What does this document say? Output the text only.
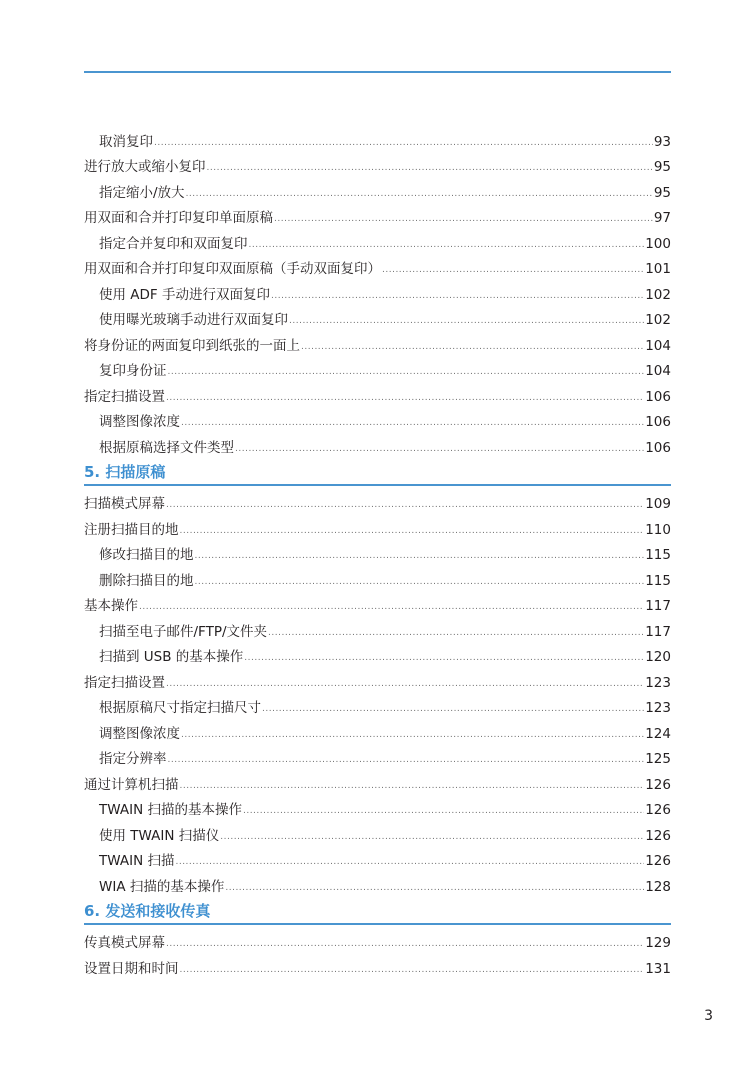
取消复印 .....	93
进行放大或缩小复印 .....	95
指定缩小/放大 .....	95
用双面和合并打印复印单面原稿 .....	97
指定合并复印和双面复印 .....	100
用双面和合并打印复印双面原稿（手动双面复印） .....	101
使用 ADF 手动进行双面复印 .....	102
使用曝光玻璃手动进行双面复印 .....	102
将身份证的两面复印到纸张的一面上 .....	104
复印身份证 .....	104
指定扫描设置 .....	106
调整图像浓度 .....	106
根据原稿选择文件类型 .....	106
5. 扫描原稿
扫描模式屏幕 .....	109
注册扫描目的地 .....	110
修改扫描目的地 .....	115
删除扫描目的地 .....	115
基本操作 .....	117
扫描至电子邮件/FTP/文件夹 .....	117
扫描到 USB 的基本操作 .....	120
指定扫描设置 .....	123
根据原稿尺寸指定扫描尺寸 .....	123
调整图像浓度 .....	124
指定分辨率 .....	125
通过计算机扫描 .....	126
TWAIN 扫描的基本操作 .....	126
使用 TWAIN 扫描仪 .....	126
TWAIN 扫描 .....	126
WIA 扫描的基本操作 .....	128
6. 发送和接收传真
传真模式屏幕 .....	129
设置日期和时间 .....	131
3
